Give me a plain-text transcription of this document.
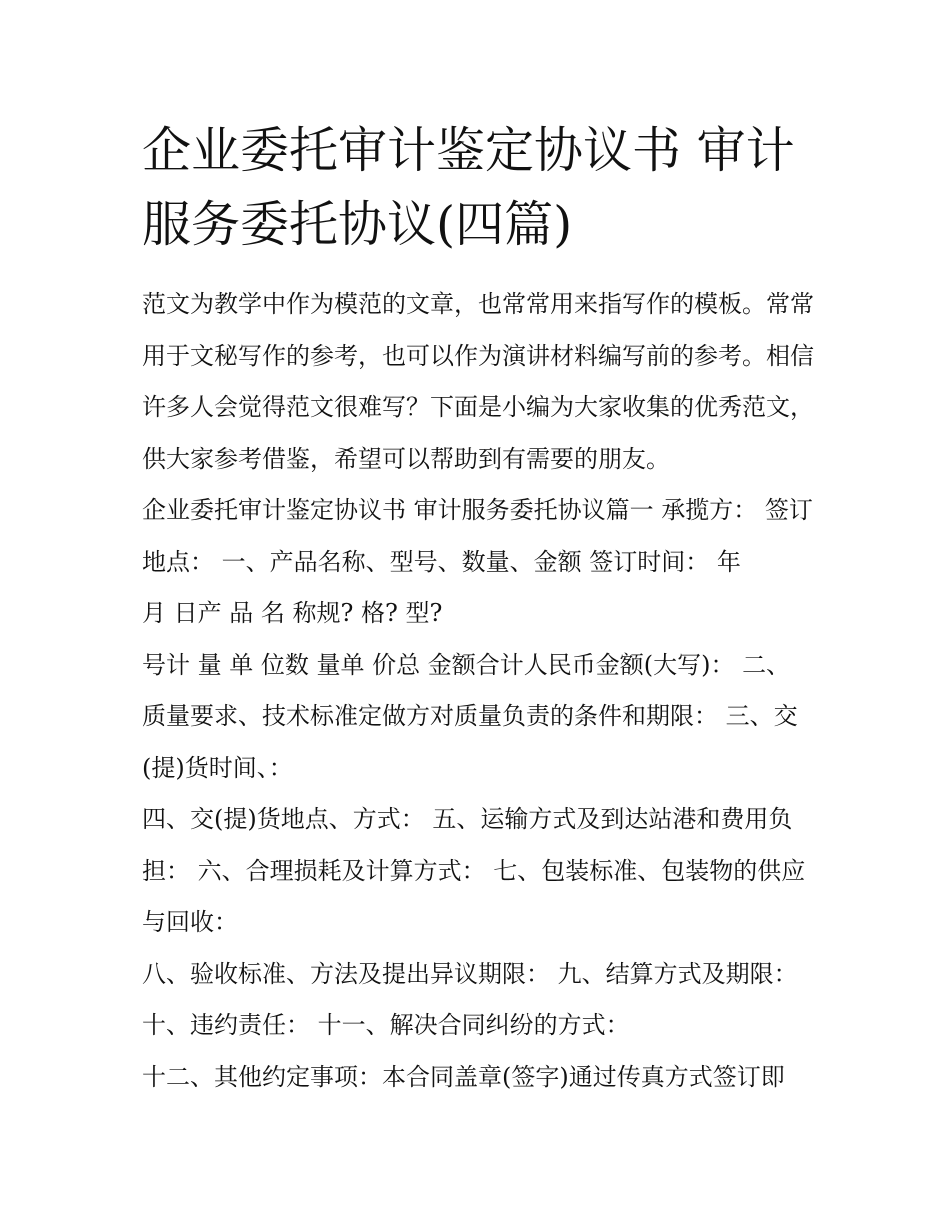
企业委托审计鉴定协议书 审计服务委托协议(四篇)

范文为教学中作为模范的文章，也常常用来指写作的模板。常常用于文秘写作的参考，也可以作为演讲材料编写前的参考。相信许多人会觉得范文很难写？下面是小编为大家收集的优秀范文，供大家参考借鉴，希望可以帮助到有需要的朋友。

企业委托审计鉴定协议书 审计服务委托协议篇一 承揽方： 签订地点： 一、产品名称、型号、数量、金额 签订时间： 年
月 日产 品 名 称规? 格? 型?

号计 量 单 位数 量单 价总 金额合计人民币金额(大写)： 二、质量要求、技术标准定做方对质量负责的条件和期限： 三、交(提)货时间、：

四、交(提)货地点、方式： 五、运输方式及到达站港和费用负担： 六、合理损耗及计算方式： 七、包装标准、包装物的供应与回收：

八、验收标准、方法及提出异议期限： 九、结算方式及期限： 十、违约责任： 十一、解决合同纠纷的方式：

十二、其他约定事项：本合同盖章(签字)通过传真方式签订即
